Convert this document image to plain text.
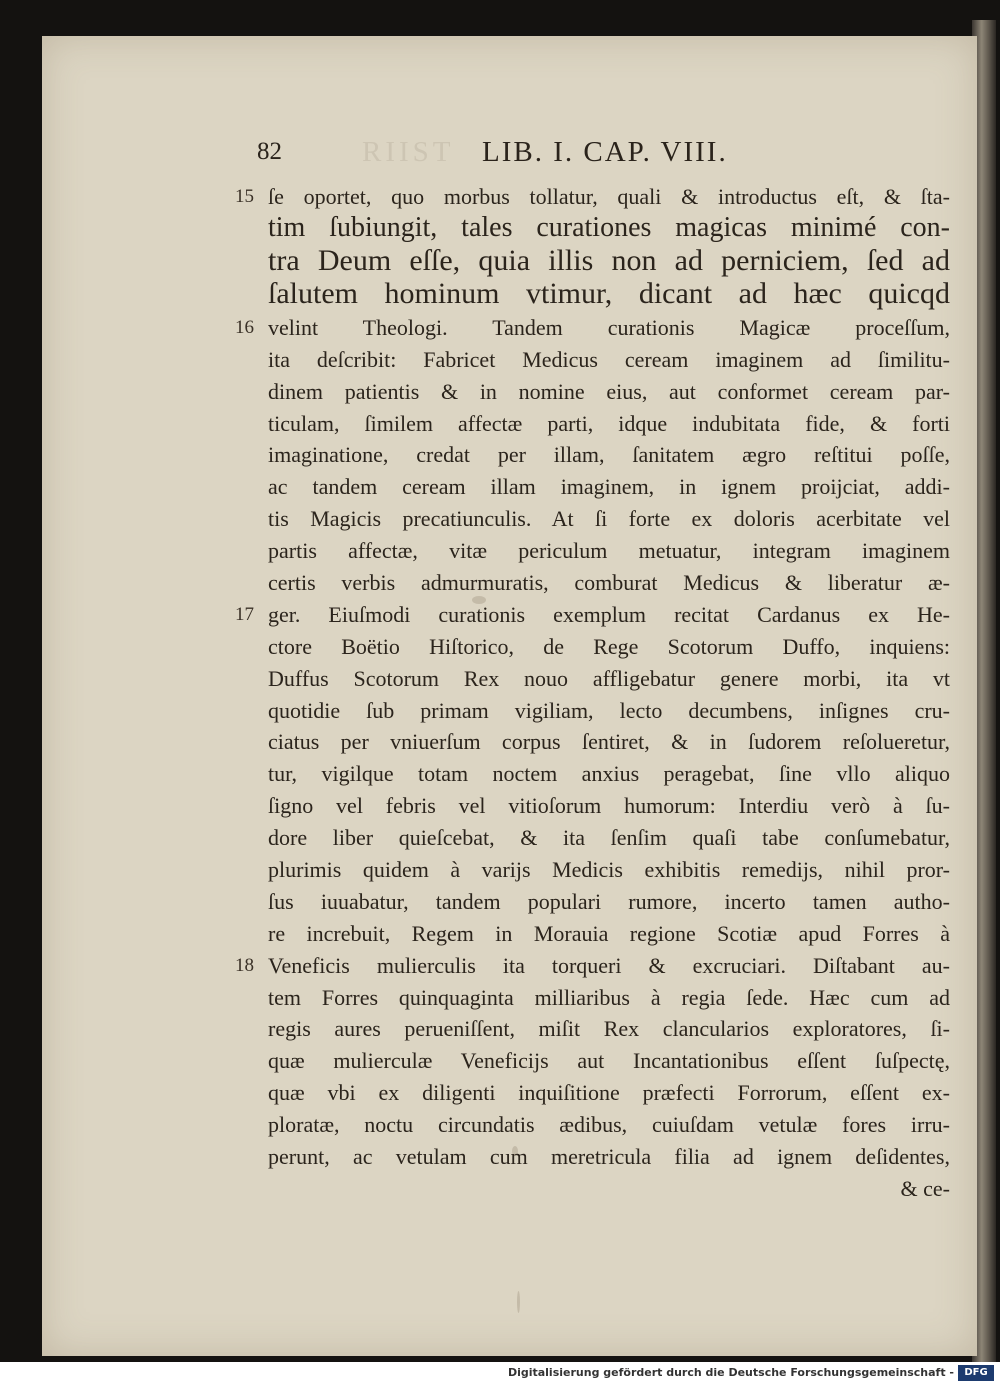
RIIST
82	LIB. I. CAP. VIII.
15 ſe oportet, quo morbus tollatur, quali & introductus eſt, & ſta-
tim ſubiungit, tales curationes magicas minimé con-
tra Deum eſſe, quia illis non ad perniciem, ſed ad
ſalutem hominum vtimur, dicant ad hæc quicqd
16 velint Theologi. Tandem curationis Magicæ proceſſum,
ita deſcribit: Fabricet Medicus ceream imaginem ad ſimilitu-
dinem patientis & in nomine eius, aut conformet ceream par-
ticulam, ſimilem affectæ parti, idque indubitata fide, & forti
imaginatione, credat per illam, ſanitatem ægro reſtitui poſſe,
ac tandem ceream illam imaginem, in ignem proijciat, addi-
tis Magicis precatiunculis. At ſi forte ex doloris acerbitate vel
partis affectæ, vitæ periculum metuatur, integram imaginem
certis verbis admurmuratis, comburat Medicus & liberatur æ-
17 ger. Eiuſmodi curationis exemplum recitat Cardanus ex He-
ctore Boëtio Hiſtorico, de Rege Scotorum Duffo, inquiens:
Duffus Scotorum Rex nouo affligebatur genere morbi, ita vt
quotidie ſub primam vigiliam, lecto decumbens, inſignes cru-
ciatus per vniuerſum corpus ſentiret, & in ſudorem reſolueretur,
tur, vigilque totam noctem anxius peragebat, ſine vllo aliquo
ſigno vel febris vel vitioſorum humorum: Interdiu verò à ſu-
dore liber quieſcebat, & ita ſenſim quaſi tabe conſumebatur,
plurimis quidem à varijs Medicis exhibitis remedijs, nihil pror-
ſus iuuabatur, tandem populari rumore, incerto tamen autho-
re increbuit, Regem in Morauia regione Scotiæ apud Forres à
18 Veneficis mulierculis ita torqueri & excruciari. Diſtabant au-
tem Forres quinquaginta milliaribus à regia ſede. Hæc cum ad
regis aures perueniſſent, miſit Rex clancularios exploratores, ſi-
quæ mulierculæ Veneficijs aut Incantationibus eſſent ſuſpectę,
quæ vbi ex diligenti inquiſitione præfecti Forrorum, eſſent ex-
ploratæ, noctu circundatis ædibus, cuiuſdam vetulæ fores irru-
perunt, ac vetulam cum meretricula filia ad ignem deſidentes,
& ce-
Digitalisierung gefördert durch die Deutsche Forschungsgemeinschaft -	DFG
